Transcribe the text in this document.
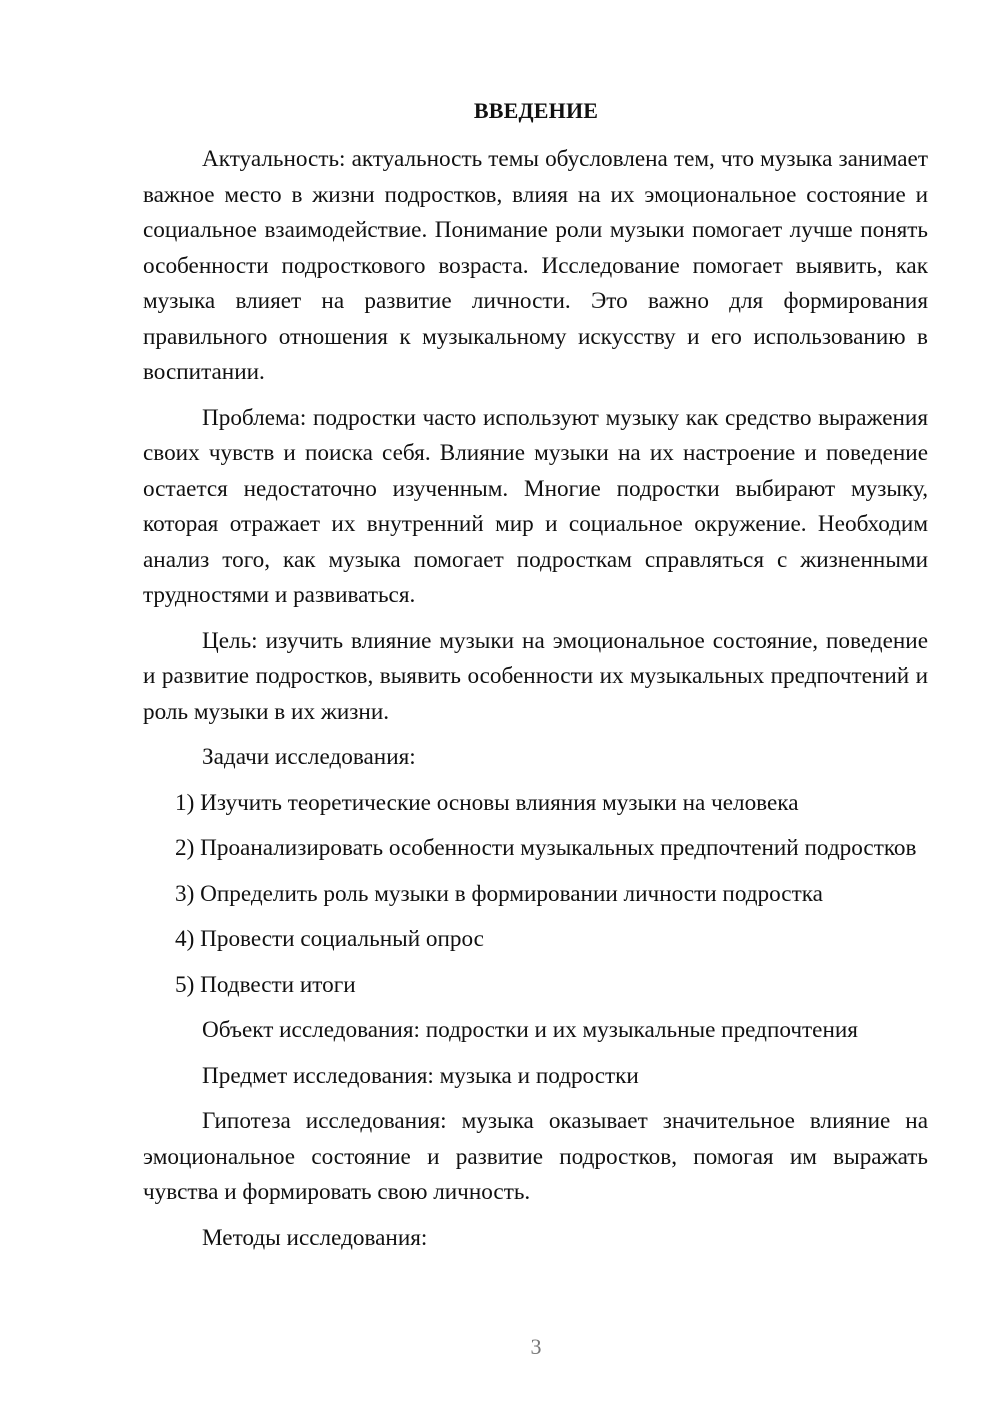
ВВЕДЕНИЕ

Актуальность: актуальность темы обусловлена тем, что музыка занимает важное место в жизни подростков, влияя на их эмоциональное состояние и социальное взаимодействие. Понимание роли музыки помогает лучше понять особенности подросткового возраста. Исследование помогает выявить, как музыка влияет на развитие личности. Это важно для формирования правильного отношения к музыкальному искусству и его использованию в воспитании.

Проблема: подростки часто используют музыку как средство выражения своих чувств и поиска себя. Влияние музыки на их настроение и поведение остается недостаточно изученным. Многие подростки выбирают музыку, которая отражает их внутренний мир и социальное окружение. Необходим анализ того, как музыка помогает подросткам справляться с жизненными трудностями и развиваться.

Цель: изучить влияние музыки на эмоциональное состояние, поведение и развитие подростков, выявить особенности их музыкальных предпочтений и роль музыки в их жизни.

Задачи исследования:

1) Изучить теоретические основы влияния музыки на человека

2) Проанализировать особенности музыкальных предпочтений подростков

3) Определить роль музыки в формировании личности подростка

4) Провести социальный опрос

5) Подвести итоги

Объект исследования: подростки и их музыкальные предпочтения

Предмет исследования: музыка и подростки

Гипотеза исследования: музыка оказывает значительное влияние на эмоциональное состояние и развитие подростков, помогая им выражать чувства и формировать свою личность.

Методы исследования:

3
